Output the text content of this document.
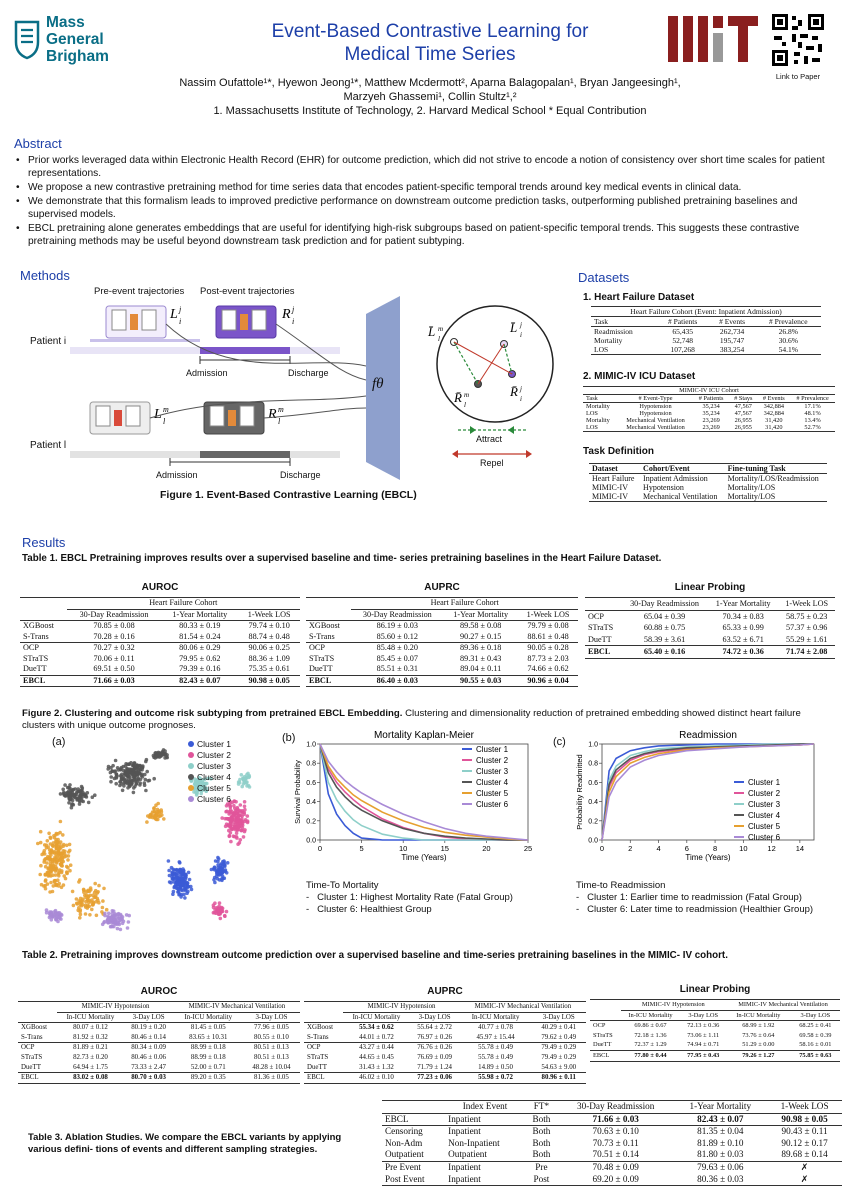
Mass
General
Brigham
Event-Based Contrastive Learning for
Medical Time Series
Nassim Oufattole¹*, Hyewon Jeong¹*, Matthew Mcdermott², Aparna Balagopalan¹, Bryan Jangeesingh¹,
Marzyeh Ghassemi¹, Collin Stultz¹,²
1. Massachusetts Institute of Technology, 2. Harvard Medical School * Equal Contribution
Link to Paper
Abstract
• Prior works leveraged data within Electronic Health Record (EHR) for outcome prediction, which did not strive to encode a notion of consistency over short time scales for patient representations.
• We propose a new contrastive pretraining method for time series data that encodes patient-specific temporal trends around key medical events in clinical data.
• We demonstrate that this formalism leads to improved predictive performance on downstream outcome prediction tasks, outperforming published pretraining baselines and supervised models.
• EBCL pretraining alone generates embeddings that are useful for identifying high-risk subgroups based on patient-specific temporal trends. This suggests these contrastive pretraining methods may be useful beyond downstream task prediction and for patient subtyping.
Methods
L j
i	R j
i
L m
l	R m
l
L̄ m
l
L̄ j
i
R̄ m
l
R̄ j
i
Pre-event trajectories Post-event trajectories
Patient i
Patient l
Admission	Discharge
Admission	Discharge
fθ
Attract
Repel
Figure 1. Event-Based Contrastive Learning (EBCL)
Datasets
1. Heart Failure Dataset
Heart Failure Cohort (Event: Inpatient Admission)			
Task	# Patients	# Events	# Prevalence
Readmission	65,435	262,734	26.8%
Mortality	52,748	195,747	30.6%
LOS	107,268	383,254	54.1%
2. MIMIC-IV ICU Dataset
MIMIC-IV ICU Cohort					
Task	# Event-Type	# Patients	# Stays	# Events	# Prevalence
Mortality	Hypotension	35,234	47,567	342,884	17.1%
LOS	Hypotension	35,234	47,567	342,884	48.1%
Mortality	Mechanical Ventilation	23,269	26,955	31,420	13.4%
LOS	Mechanical Ventilation	23,269	26,955	31,420	52.7%
Task Definition
Dataset	Cohort/Event	Fine-tuning Task
Heart Failure	Inpatient Admission	Mortality/LOS/Readmission
MIMIC-IV	Hypotension	Mortality/LOS
MIMIC-IV	Mechanical Ventilation	Mortality/LOS
Results
Table 1. EBCL Pretraining improves results over a supervised baseline and time- series pretraining baselines in the Heart Failure Dataset.
AUROC
	Heart Failure Cohort		
	30-Day Readmission	1-Year Mortality	1-Week LOS
XGBoost	70.85 ± 0.08	80.33 ± 0.19	79.74 ± 0.10
S-Trans	70.28 ± 0.16	81.54 ± 0.24	88.74 ± 0.48
OCP	70.27 ± 0.32	80.06 ± 0.29	90.06 ± 0.25
STraTS	70.06 ± 0.11	79.95 ± 0.62	88.36 ± 1.09
DueTT	69.51 ± 0.50	79.39 ± 0.16	75.35 ± 0.61
EBCL	71.66 ± 0.03	82.43 ± 0.07	90.98 ± 0.05
AUPRC
	Heart Failure Cohort		
	30-Day Readmission	1-Year Mortality	1-Week LOS
XGBoost	86.19 ± 0.03	89.58 ± 0.08	79.79 ± 0.08
S-Trans	85.60 ± 0.12	90.27 ± 0.15	88.61 ± 0.48
OCP	85.48 ± 0.20	89.36 ± 0.18	90.05 ± 0.28
STraTS	85.45 ± 0.07	89.31 ± 0.43	87.73 ± 2.03
DueTT	85.51 ± 0.31	89.04 ± 0.11	74.66 ± 0.62
EBCL	86.40 ± 0.03	90.55 ± 0.03	90.96 ± 0.04
Linear Probing
	30-Day Readmission	1-Year Mortality	1-Week LOS
OCP	65.04 ± 0.39	70.34 ± 0.83	58.75 ± 0.23
STraTS	60.88 ± 0.75	65.33 ± 0.99	57.37 ± 0.96
DueTT	58.39 ± 3.61	63.52 ± 6.71	55.29 ± 1.61
EBCL	65.40 ± 0.16	74.72 ± 0.36	71.74 ± 2.08
Figure 2. Clustering and outcome risk subtyping from pretrained EBCL Embedding. Clustering and dimensionality reduction of pretrained embedding showed distinct heart failure clusters with unique outcome prognoses.
(a)	Cluster 1
Cluster 2
Cluster 3
Cluster 4
Cluster 5
Cluster 6
(b)	Mortality Kaplan-Meier
0	5	10	15	20	25
0.0
0.2
0.4
0.6
0.8
1.0
Time (Years)
Survival Probability
Cluster 1
Cluster 2
Cluster 3
Cluster 4
Cluster 5
Cluster 6
Time-To Mortality
-   Cluster 1: Highest Mortality Rate (Fatal Group)
-   Cluster 6: Healthiest Group
(c)
Readmission
0	2	4	6	8	10	12	14
0.0
0.2
0.4
0.6
0.8
1.0
Time (Years)
Probability Readmitted	Cluster 1
Cluster 2
Cluster 3
Cluster 4
Cluster 5
Cluster 6
Time-to Readmission
-   Cluster 1: Earlier time to readmission (Fatal Group)
-   Cluster 6: Later time to readmission (Healthier Group)
Table 2. Pretraining improves downstream outcome prediction over a supervised baseline and time-series pretraining baselines in the MIMIC- IV cohort.
AUROC
	MIMIC-IV Hypotension		MIMIC-IV Mechanical Ventilation	
	In-ICU Mortality	3-Day LOS	In-ICU Mortality	3-Day LOS
XGBoost	80.07 ± 0.12	80.19 ± 0.20	81.45 ± 0.05	77.96 ± 0.05
S-Trans	81.92 ± 0.32	80.46 ± 0.14	83.65 ± 10.31	80.55 ± 0.10
OCP	81.89 ± 0.21	80.34 ± 0.09	88.99 ± 0.18	80.51 ± 0.13
STraTS	82.73 ± 0.20	80.46 ± 0.06	88.99 ± 0.18	80.51 ± 0.13
DueTT	64.94 ± 1.75	73.33 ± 2.47	52.00 ± 0.71	48.28 ± 10.04
EBCL	83.02 ± 0.08	80.70 ± 0.03	89.20 ± 0.35	81.36 ± 0.05
AUPRC
	MIMIC-IV Hypotension		MIMIC-IV Mechanical Ventilation	
	In-ICU Mortality	3-Day LOS	In-ICU Mortality	3-Day LOS
XGBoost	55.34 ± 0.62	55.64 ± 2.72	40.77 ± 0.78	40.29 ± 0.41
S-Trans	44.01 ± 0.72	76.97 ± 0.26	45.97 ± 15.44	79.62 ± 0.49
OCP	43.27 ± 0.44	76.76 ± 0.26	55.78 ± 0.49	79.49 ± 0.29
STraTS	44.65 ± 0.45	76.69 ± 0.09	55.78 ± 0.49	79.49 ± 0.29
DueTT	31.43 ± 1.32	71.79 ± 1.24	14.89 ± 0.50	54.63 ± 9.00
EBCL	46.02 ± 0.10	77.23 ± 0.06	55.98 ± 0.72	80.96 ± 0.11
Linear Probing
	MIMIC-IV Hypotension		MIMIC-IV Mechanical Ventilation	
	In-ICU Mortality	3-Day LOS	In-ICU Mortality	3-Day LOS
OCP	69.86 ± 0.67	72.13 ± 0.36	68.99 ± 1.92	68.25 ± 0.41
STraTS	72.18 ± 1.36	73.06 ± 1.11	73.76 ± 0.64	69.58 ± 0.39
DueTT	72.37 ± 1.29	74.94 ± 0.71	51.29 ± 0.00	58.16 ± 0.01
EBCL	77.80 ± 0.44	77.95 ± 0.43	79.26 ± 1.27	75.85 ± 0.63
Table 3. Ablation Studies. We compare the EBCL variants by applying various defini- tions of events and different sampling strategies.
	Index Event	FT*	30-Day Readmission	1-Year Mortality	1-Week LOS
EBCL	Inpatient	Both	71.66 ± 0.03	82.43 ± 0.07	90.98 ± 0.05
Censoring	Inpatient	Both	70.63 ± 0.10	81.35 ± 0.04	90.43 ± 0.11
Non-Adm	Non-Inpatient	Both	70.73 ± 0.11	81.89 ± 0.10	90.12 ± 0.17
Outpatient	Outpatient	Both	70.51 ± 0.14	81.80 ± 0.03	89.68 ± 0.14
Pre Event	Inpatient	Pre	70.48 ± 0.09	79.63 ± 0.06	✗
Post Event	Inpatient	Post	69.20 ± 0.09	80.36 ± 0.03	✗
